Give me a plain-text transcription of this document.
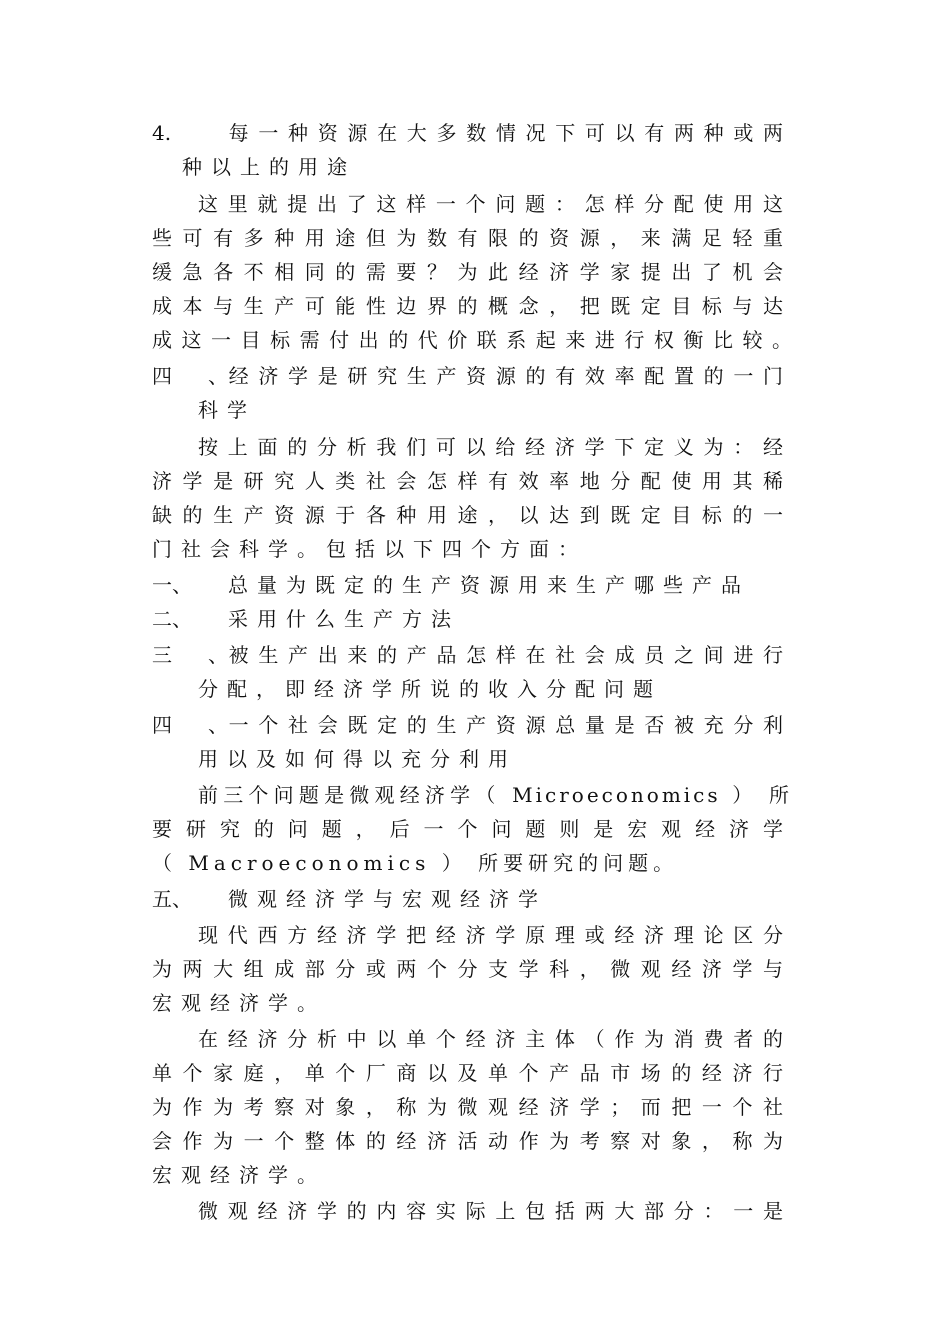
4.	每一种资源在大多数情况下可以有两种或两
种以上的用途
这里就提出了这样一个问题：怎样分配使用这
些可有多种用途但为数有限的资源，来满足轻重
缓急各不相同的需要？为此经济学家提出了机会
成本与生产可能性边界的概念，把既定目标与达
成这一目标需付出的代价联系起来进行权衡比较。
四、经济学是研究生产资源的有效率配置的一门
科学
按上面的分析我们可以给经济学下定义为：经
济学是研究人类社会怎样有效率地分配使用其稀
缺的生产资源于各种用途，以达到既定目标的一
门社会科学。包括以下四个方面：
一、 总量为既定的生产资源用来生产哪些产品
二、 采用什么生产方法
三、被生产出来的产品怎样在社会成员之间进行
分配，即经济学所说的收入分配问题
四、一个社会既定的生产资源总量是否被充分利
用以及如何得以充分利用
前三个问题是微观经济学（ Microeconomics ） 所
要研究的问题，后一个问题则是宏观经济学
（ Macroeconomics ） 所要研究的问题。
五、 微观经济学与宏观经济学
现代西方经济学把经济学原理或经济理论区分
为两大组成部分或两个分支学科，微观经济学与
宏观经济学。
在经济分析中以单个经济主体（作为消费者的
单个家庭，单个厂商以及单个产品市场的经济行
为作为考察对象，称为微观经济学；而把一个社
会作为一个整体的经济活动作为考察对象，称为
宏观经济学。
微观经济学的内容实际上包括两大部分：一是
